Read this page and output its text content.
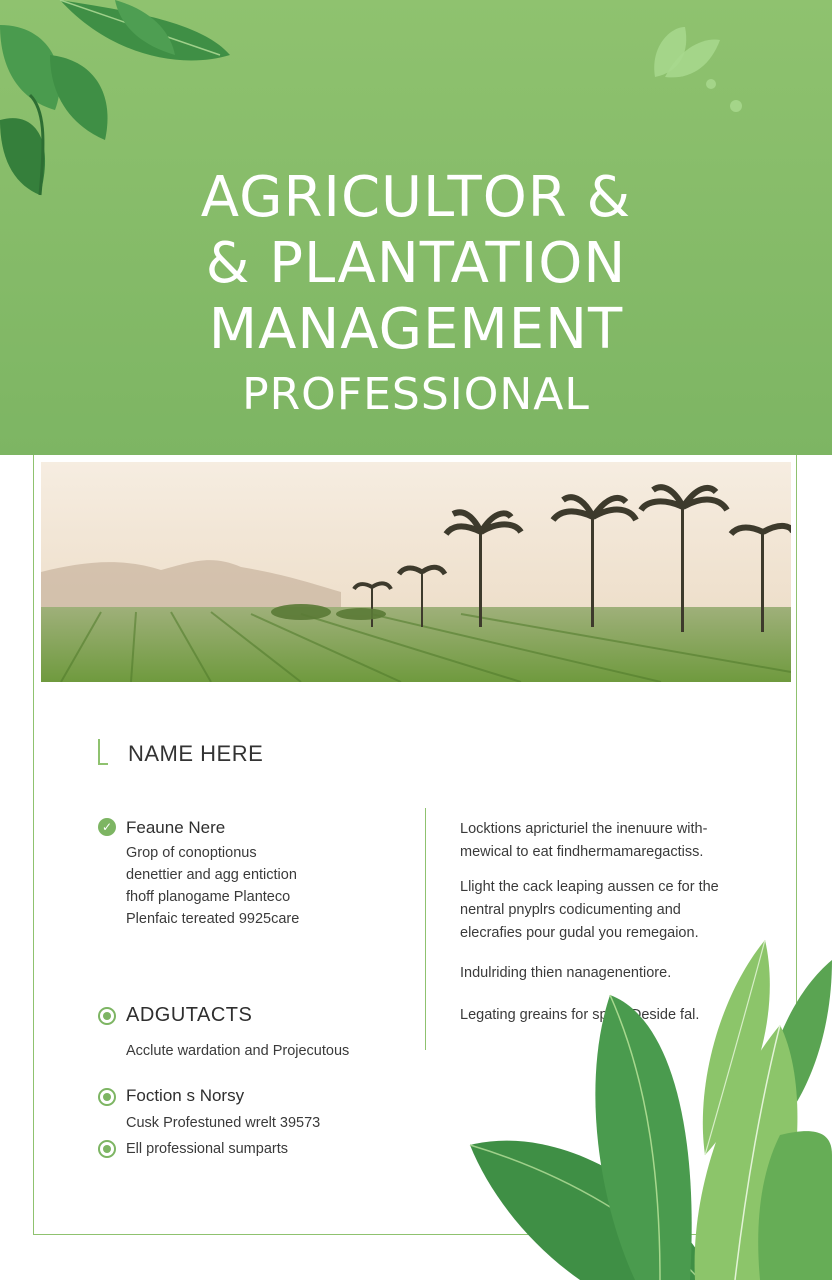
AGRICULTOR &
& PLANTATION
MANAGEMENT
PROFESSIONAL
NAME HERE
✓ Feaune Nere
Grop of conoptionus
denettier and agg entiction
fhoff planogame Planteco
Plenfaic tereated 9925care
ADGUTACTS
Acclute wardation and Projecutous
Foction s Norsy
Cusk Profestuned wrelt 39573
Ell professional sumparts
Locktions apricturiel the inenuure with-
mewical to eat findhermamaregactiss.
Llight the cack leaping aussen ce for the
nentral pnyplrs codicumenting and
elecrafies pour gudal you remegaion.
Indulriding thien nanagenentiore.
Legating greains for speal Deside fal.
